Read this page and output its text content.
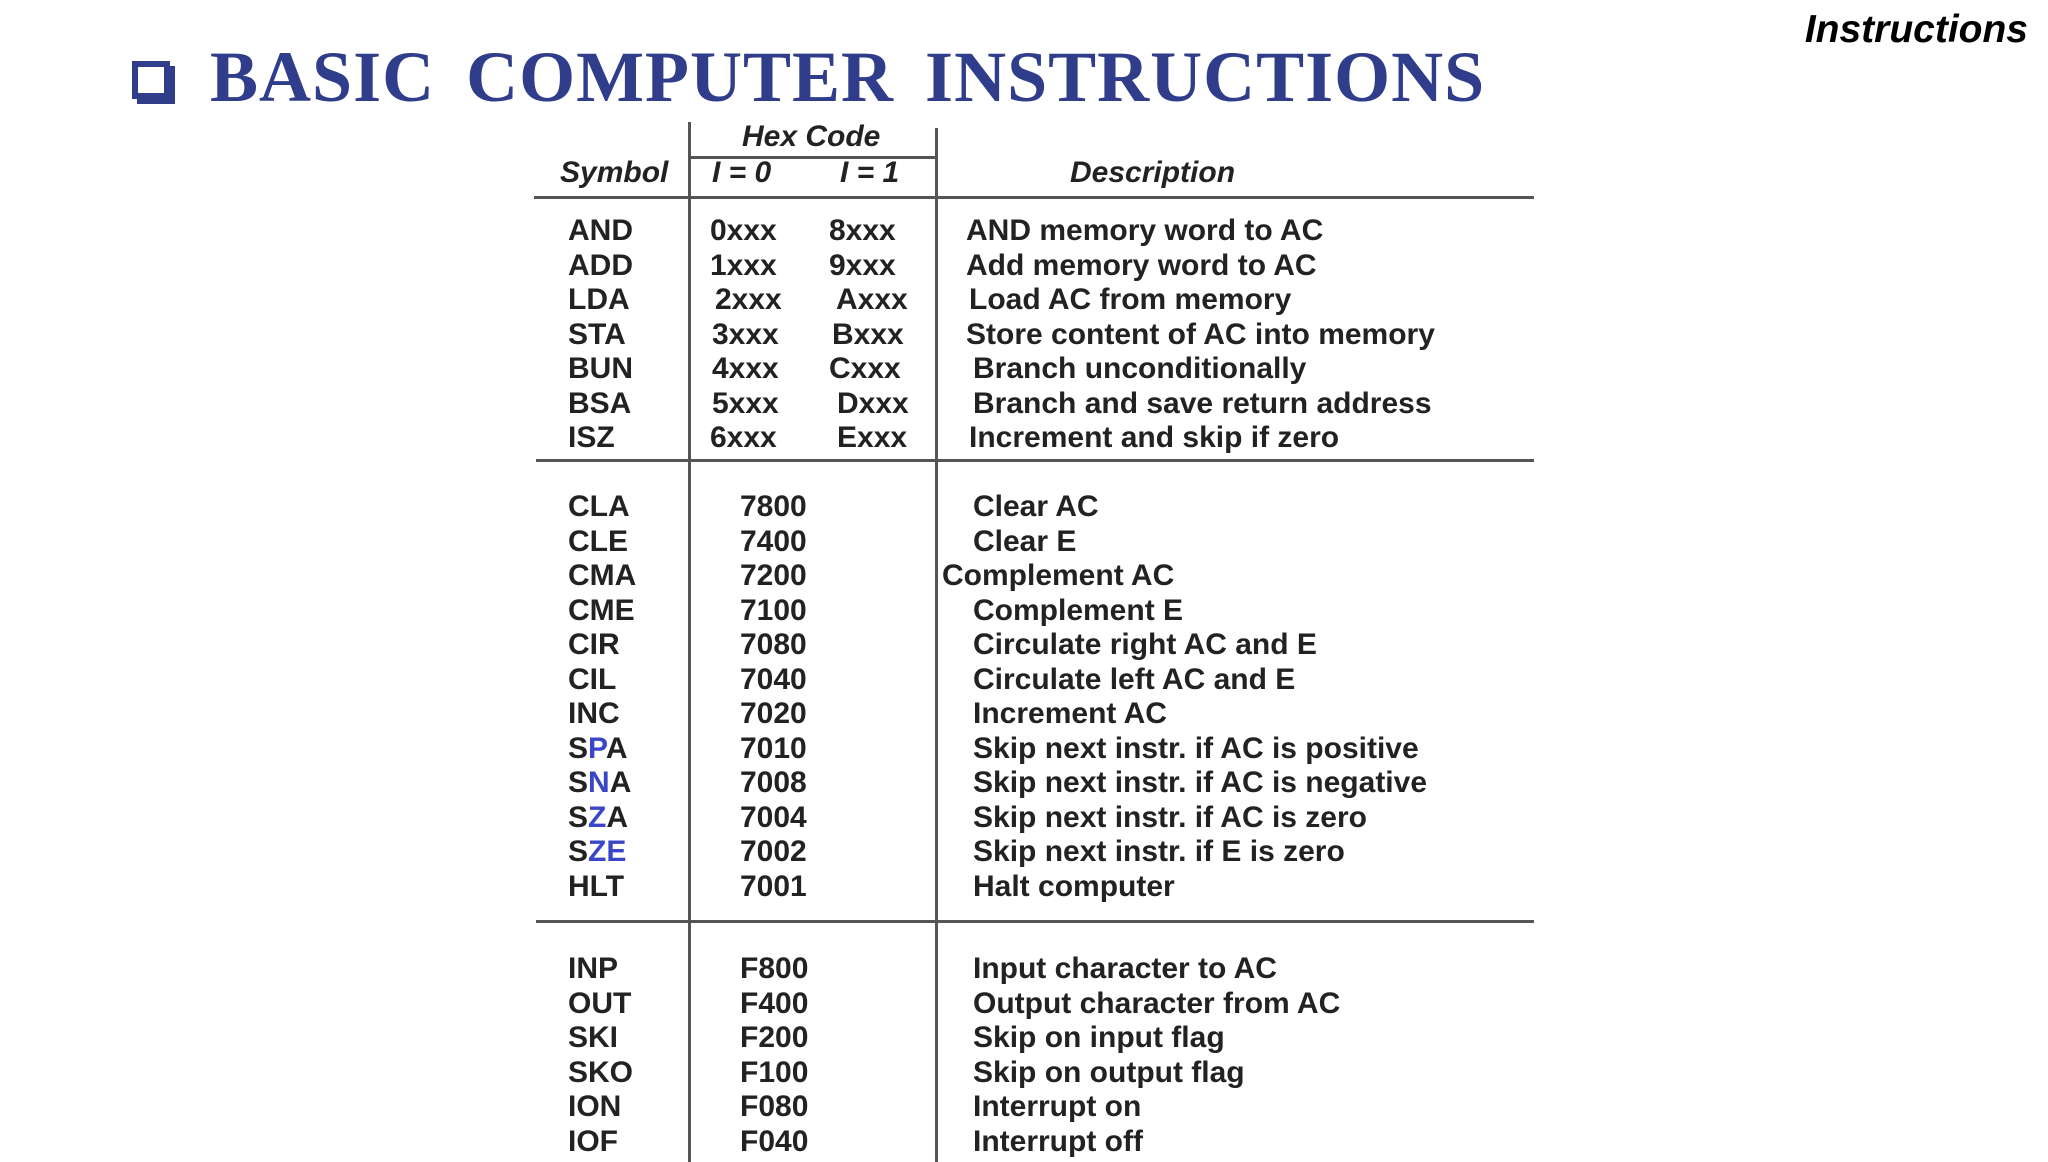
Instructions
BASIC COMPUTER INSTRUCTIONS
Hex Code
Symbol I = 0 I = 1	Description
AND	0xxx 8xxx AND memory word to AC
ADD	1xxx 9xxx Add memory word to AC
LDA	2xxx Axxx Load AC from memory
STA	3xxx Bxxx Store content of AC into memory
BUN	4xxx Cxxx Branch unconditionally
BSA	5xxx Dxxx Branch and save return address
ISZ	6xxx Exxx Increment and skip if zero
CLA	7800	Clear AC
CLE	7400	Clear E
CMA	7200	Complement AC
CME	7100	Complement E
CIR	7080	Circulate right AC and E
CIL	7040	Circulate left AC and E
INC	7020	Increment AC
SPA	7010	Skip next instr. if AC is positive
SNA	7008	Skip next instr. if AC is negative
SZA	7004	Skip next instr. if AC is zero
SZE	7002	Skip next instr. if E is zero
HLT	7001	Halt computer
INP	F800	Input character to AC
OUT	F400	Output character from AC
SKI	F200	Skip on input flag
SKO	F100	Skip on output flag
ION	F080	Interrupt on
IOF	F040	Interrupt off
